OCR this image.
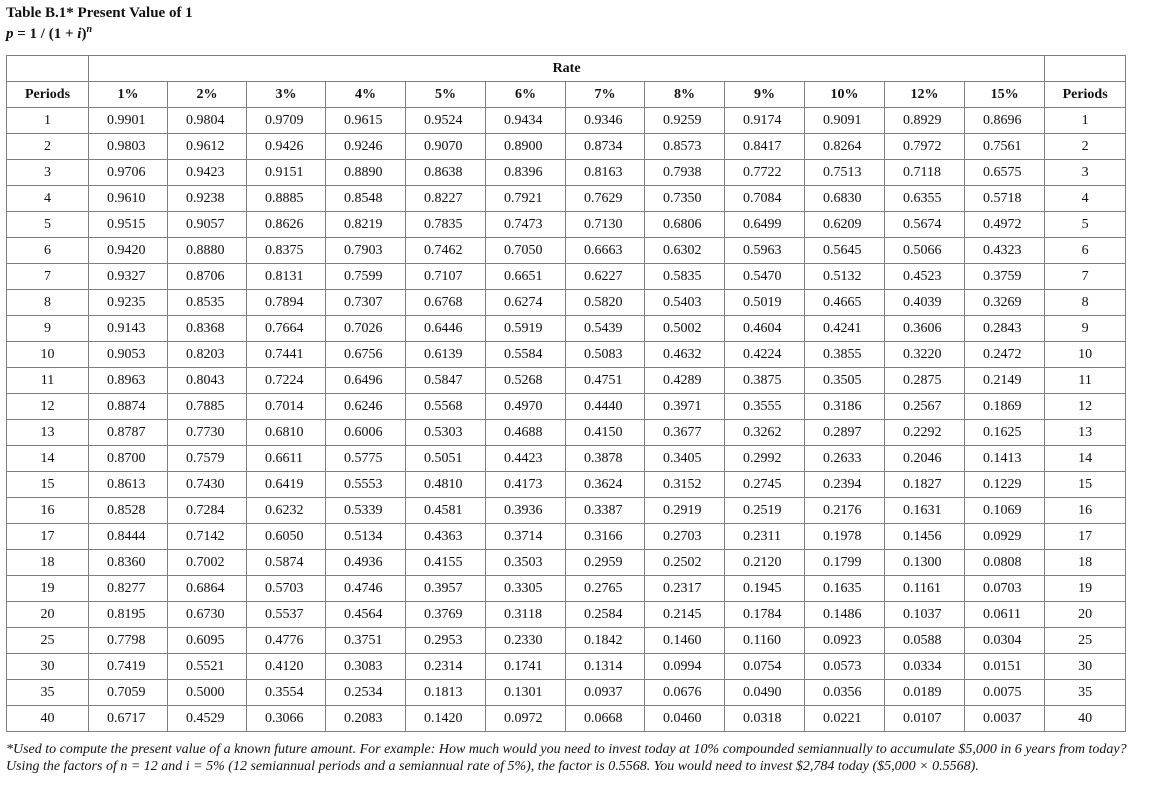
Table B.1* Present Value of 1
$p = 1 / (1 + i)^n$
	Rate												
Periods	1%	2%	3%	4%	5%	6%	7%	8%	9%	10%	12%	15%	Periods
1	0.9901	0.9804	0.9709	0.9615	0.9524	0.9434	0.9346	0.9259	0.9174	0.9091	0.8929	0.8696	1
2	0.9803	0.9612	0.9426	0.9246	0.9070	0.8900	0.8734	0.8573	0.8417	0.8264	0.7972	0.7561	2
3	0.9706	0.9423	0.9151	0.8890	0.8638	0.8396	0.8163	0.7938	0.7722	0.7513	0.7118	0.6575	3
4	0.9610	0.9238	0.8885	0.8548	0.8227	0.7921	0.7629	0.7350	0.7084	0.6830	0.6355	0.5718	4
5	0.9515	0.9057	0.8626	0.8219	0.7835	0.7473	0.7130	0.6806	0.6499	0.6209	0.5674	0.4972	5
6	0.9420	0.8880	0.8375	0.7903	0.7462	0.7050	0.6663	0.6302	0.5963	0.5645	0.5066	0.4323	6
7	0.9327	0.8706	0.8131	0.7599	0.7107	0.6651	0.6227	0.5835	0.5470	0.5132	0.4523	0.3759	7
8	0.9235	0.8535	0.7894	0.7307	0.6768	0.6274	0.5820	0.5403	0.5019	0.4665	0.4039	0.3269	8
9	0.9143	0.8368	0.7664	0.7026	0.6446	0.5919	0.5439	0.5002	0.4604	0.4241	0.3606	0.2843	9
10	0.9053	0.8203	0.7441	0.6756	0.6139	0.5584	0.5083	0.4632	0.4224	0.3855	0.3220	0.2472	10
11	0.8963	0.8043	0.7224	0.6496	0.5847	0.5268	0.4751	0.4289	0.3875	0.3505	0.2875	0.2149	11
12	0.8874	0.7885	0.7014	0.6246	0.5568	0.4970	0.4440	0.3971	0.3555	0.3186	0.2567	0.1869	12
13	0.8787	0.7730	0.6810	0.6006	0.5303	0.4688	0.4150	0.3677	0.3262	0.2897	0.2292	0.1625	13
14	0.8700	0.7579	0.6611	0.5775	0.5051	0.4423	0.3878	0.3405	0.2992	0.2633	0.2046	0.1413	14
15	0.8613	0.7430	0.6419	0.5553	0.4810	0.4173	0.3624	0.3152	0.2745	0.2394	0.1827	0.1229	15
16	0.8528	0.7284	0.6232	0.5339	0.4581	0.3936	0.3387	0.2919	0.2519	0.2176	0.1631	0.1069	16
17	0.8444	0.7142	0.6050	0.5134	0.4363	0.3714	0.3166	0.2703	0.2311	0.1978	0.1456	0.0929	17
18	0.8360	0.7002	0.5874	0.4936	0.4155	0.3503	0.2959	0.2502	0.2120	0.1799	0.1300	0.0808	18
19	0.8277	0.6864	0.5703	0.4746	0.3957	0.3305	0.2765	0.2317	0.1945	0.1635	0.1161	0.0703	19
20	0.8195	0.6730	0.5537	0.4564	0.3769	0.3118	0.2584	0.2145	0.1784	0.1486	0.1037	0.0611	20
25	0.7798	0.6095	0.4776	0.3751	0.2953	0.2330	0.1842	0.1460	0.1160	0.0923	0.0588	0.0304	25
30	0.7419	0.5521	0.4120	0.3083	0.2314	0.1741	0.1314	0.0994	0.0754	0.0573	0.0334	0.0151	30
35	0.7059	0.5000	0.3554	0.2534	0.1813	0.1301	0.0937	0.0676	0.0490	0.0356	0.0189	0.0075	35
40	0.6717	0.4529	0.3066	0.2083	0.1420	0.0972	0.0668	0.0460	0.0318	0.0221	0.0107	0.0037	40
*Used to compute the present value of a known future amount. For example: How much would you need to invest today at 10% compounded semiannually to accumulate $5,000 in 6 years from today? Using the factors of n = 12 and i = 5% (12 semiannual periods and a semiannual rate of 5%), the factor is 0.5568. You would need to invest $2,784 today ($5,000 × 0.5568).
